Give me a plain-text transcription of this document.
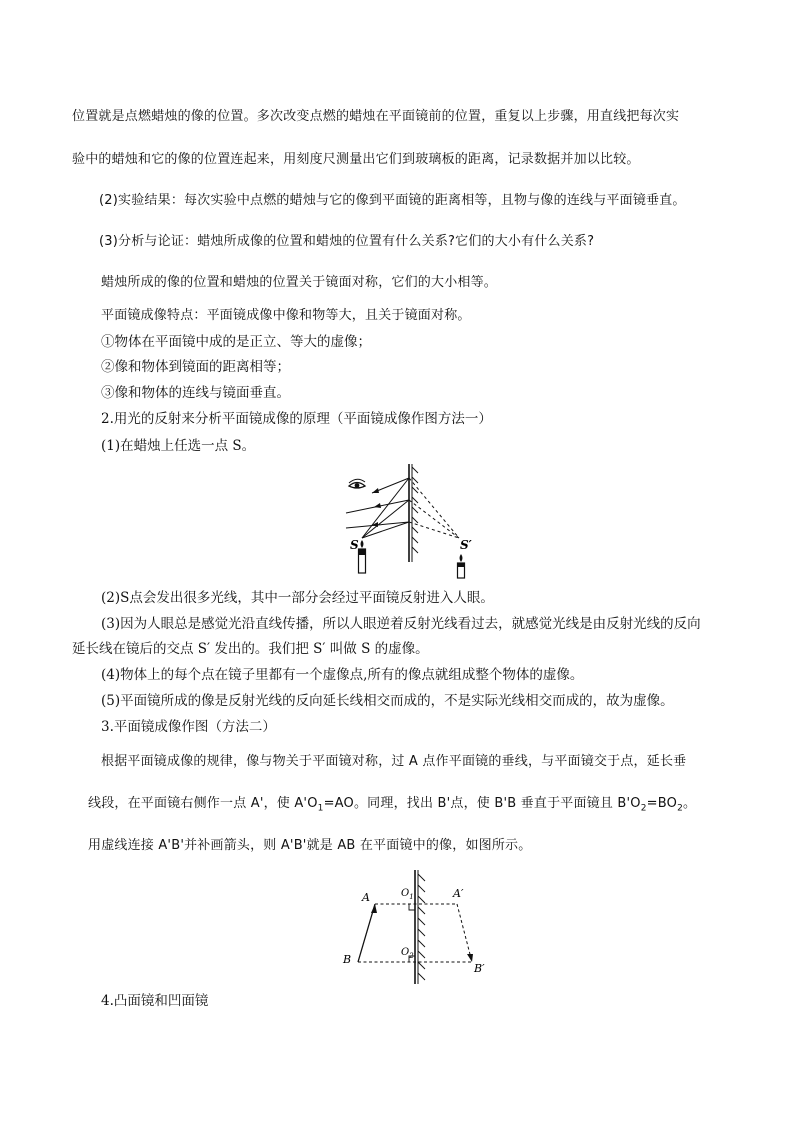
位置就是点燃蜡烛的像的位置。多次改变点燃的蜡烛在平面镜前的位置，重复以上步骤，用直线把每次实
验中的蜡烛和它的像的位置连起来，用刻度尺测量出它们到玻璃板的距离，记录数据并加以比较。
(2)实验结果：每次实验中点燃的蜡烛与它的像到平面镜的距离相等，且物与像的连线与平面镜垂直。
(3)分析与论证：蜡烛所成像的位置和蜡烛的位置有什么关系?它们的大小有什么关系?
蜡烛所成的像的位置和蜡烛的位置关于镜面对称，它们的大小相等。
平面镜成像特点：平面镜成像中像和物等大，且关于镜面对称。
①物体在平面镜中成的是正立、等大的虚像；
②像和物体到镜面的距离相等；
③像和物体的连线与镜面垂直。
2.用光的反射来分析平面镜成像的原理（平面镜成像作图方法一）
(1)在蜡烛上任选一点 S。
S	S′
(2)S点会发出很多光线，其中一部分会经过平面镜反射进入人眼。
(3)因为人眼总是感觉光沿直线传播，所以人眼逆着反射光线看过去，就感觉光线是由反射光线的反向
延长线在镜后的交点 S′ 发出的。我们把 S′ 叫做 S 的虚像。
(4)物体上的每个点在镜子里都有一个虚像点,所有的像点就组成整个物体的虚像。
(5)平面镜所成的像是反射光线的反向延长线相交而成的，不是实际光线相交而成的，故为虚像。
3.平面镜成像作图（方法二）
根据平面镜成像的规律，像与物关于平面镜对称，过 A 点作平面镜的垂线，与平面镜交于点，延长垂
线段，在平面镜右侧作一点 A'，使 $A'O_1=AO$。同理，找出 B'点，使 B'B 垂直于平面镜且 $B'O_2=BO_2$。
用虚线连接 A'B'并补画箭头，则 A'B'就是 AB 在平面镜中的像，如图所示。
A
B
$O_1$
$O_2$
A′
B′
4.凸面镜和凹面镜
